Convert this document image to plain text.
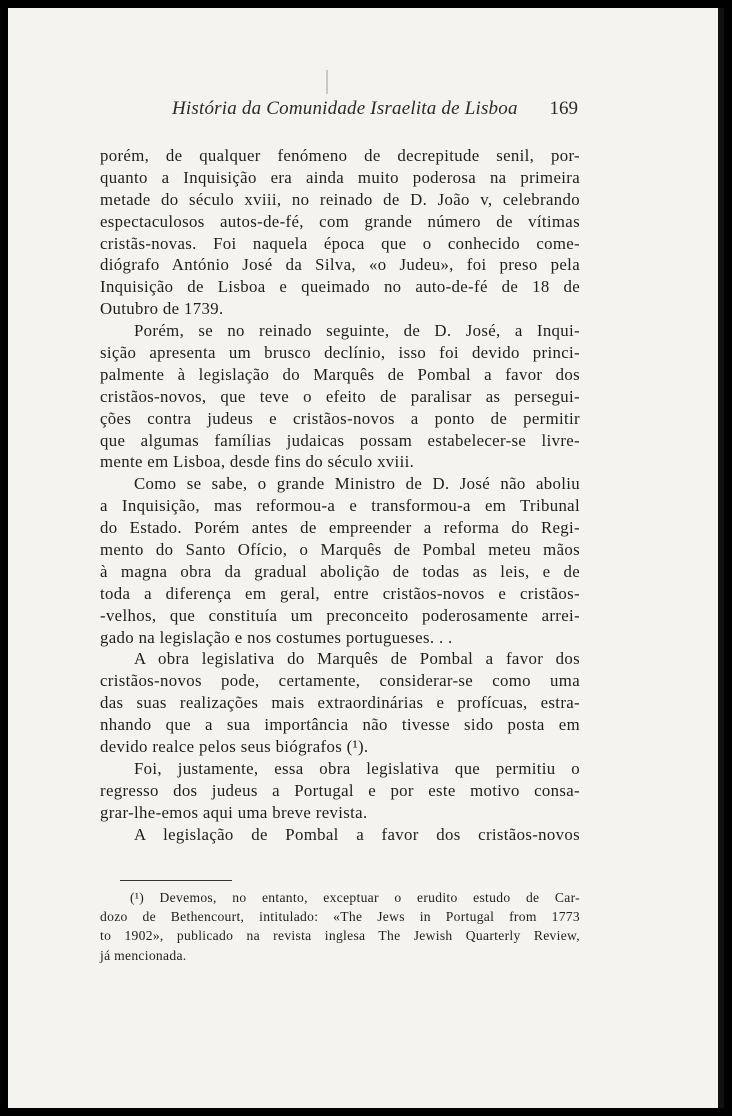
História da Comunidade Israelita de Lisboa 169
porém, de qualquer fenómeno de decrepitude senil, por-
quanto a Inquisição era ainda muito poderosa na primeira
metade do século xviii, no reinado de D. João v, celebrando
espectaculosos autos-de-fé, com grande número de vítimas
cristãs-novas. Foi naquela época que o conhecido come-
diógrafo António José da Silva, «o Judeu», foi preso pela
Inquisição de Lisboa e queimado no auto-de-fé de 18 de
Outubro de 1739.
Porém, se no reinado seguinte, de D. José, a Inqui-
sição apresenta um brusco declínio, isso foi devido princi-
palmente à legislação do Marquês de Pombal a favor dos
cristãos-novos, que teve o efeito de paralisar as persegui-
ções contra judeus e cristãos-novos a ponto de permitir
que algumas famílias judaicas possam estabelecer-se livre-
mente em Lisboa, desde fins do século xviii.
Como se sabe, o grande Ministro de D. José não aboliu
a Inquisição, mas reformou-a e transformou-a em Tribunal
do Estado. Porém antes de empreender a reforma do Regi-
mento do Santo Ofício, o Marquês de Pombal meteu mãos
à magna obra da gradual abolição de todas as leis, e de
toda a diferença em geral, entre cristãos-novos e cristãos-
-velhos, que constituía um preconceito poderosamente arrei-
gado na legislação e nos costumes portugueses. . .
A obra legislativa do Marquês de Pombal a favor dos
cristãos-novos pode, certamente, considerar-se como uma
das suas realizações mais extraordinárias e profícuas, estra-
nhando que a sua importância não tivesse sido posta em
devido realce pelos seus biógrafos (¹).
Foi, justamente, essa obra legislativa que permitiu o
regresso dos judeus a Portugal e por este motivo consa-
grar-lhe-emos aqui uma breve revista.
A legislação de Pombal a favor dos cristãos-novos
(¹) Devemos, no entanto, exceptuar o erudito estudo de Car-
dozo de Bethencourt, intitulado: «The Jews in Portugal from 1773
to 1902», publicado na revista inglesa The Jewish Quarterly Review,
já mencionada.
